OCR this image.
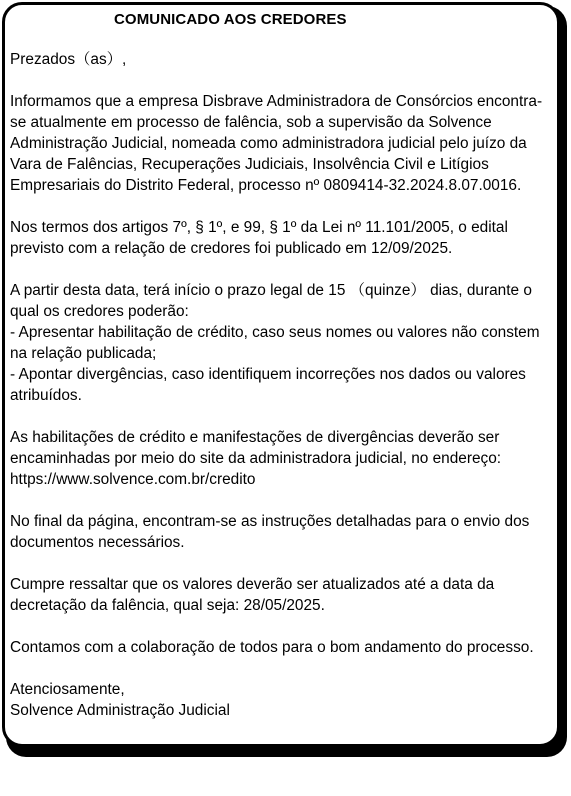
COMUNICADO AOS CREDORES

Prezados（as）,

Informamos que a empresa Disbrave Administradora de Consórcios encontra-
se atualmente em processo de falência, sob a supervisão da Solvence
Administração Judicial, nomeada como administradora judicial pelo juízo da
Vara de Falências, Recuperações Judiciais, Insolvência Civil e Litígios
Empresariais do Distrito Federal, processo nº 0809414-32.2024.8.07.0016.

Nos termos dos artigos 7º, § 1º, e 99, § 1º da Lei nº 11.101/2005, o edital
previsto com a relação de credores foi publicado em 12/09/2025.

A partir desta data, terá início o prazo legal de 15 （quinze） dias, durante o
qual os credores poderão:
- Apresentar habilitação de crédito, caso seus nomes ou valores não constem
na relação publicada;
- Apontar divergências, caso identifiquem incorreções nos dados ou valores
atribuídos.

As habilitações de crédito e manifestações de divergências deverão ser
encaminhadas por meio do site da administradora judicial, no endereço:
https://www.solvence.com.br/credito

No final da página, encontram-se as instruções detalhadas para o envio dos
documentos necessários.

Cumpre ressaltar que os valores deverão ser atualizados até a data da
decretação da falência, qual seja: 28/05/2025.

Contamos com a colaboração de todos para o bom andamento do processo.

Atenciosamente,
Solvence Administração Judicial
